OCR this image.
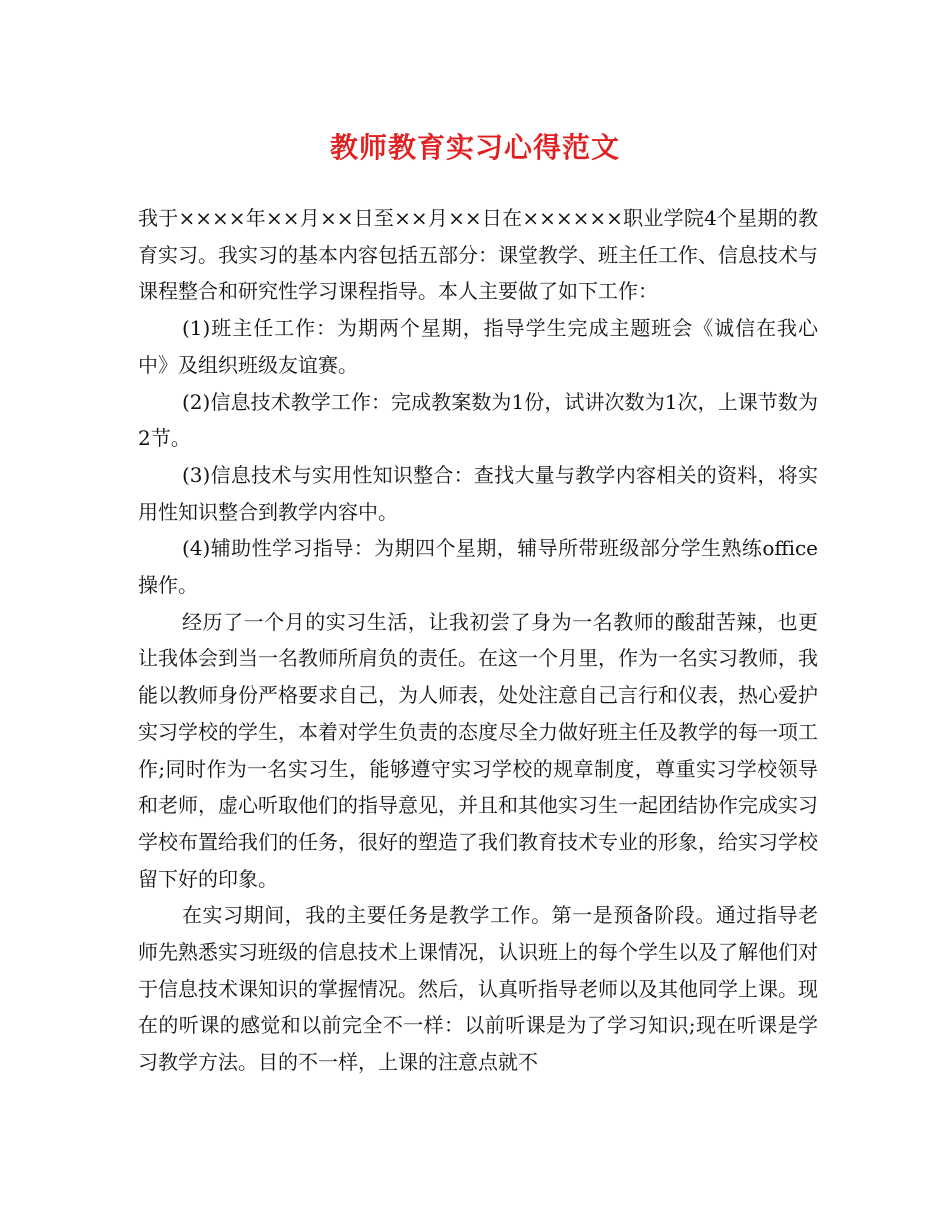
教师教育实习心得范文

我于××××年××月××日至××月××日在××××××职业学院4个星期的教育实习。我实习的基本内容包括五部分：课堂教学、班主任工作、信息技术与课程整合和研究性学习课程指导。本人主要做了如下工作：

(1)班主任工作：为期两个星期，指导学生完成主题班会《诚信在我心中》及组织班级友谊赛。

(2)信息技术教学工作：完成教案数为1份，试讲次数为1次，上课节数为2节。

(3)信息技术与实用性知识整合：查找大量与教学内容相关的资料，将实用性知识整合到教学内容中。

(4)辅助性学习指导：为期四个星期，辅导所带班级部分学生熟练office操作。

经历了一个月的实习生活，让我初尝了身为一名教师的酸甜苦辣，也更让我体会到当一名教师所肩负的责任。在这一个月里，作为一名实习教师，我能以教师身份严格要求自己，为人师表，处处注意自己言行和仪表，热心爱护实习学校的学生，本着对学生负责的态度尽全力做好班主任及教学的每一项工作;同时作为一名实习生，能够遵守实习学校的规章制度，尊重实习学校领导和老师，虚心听取他们的指导意见，并且和其他实习生一起团结协作完成实习学校布置给我们的任务，很好的塑造了我们教育技术专业的形象，给实习学校留下好的印象。

在实习期间，我的主要任务是教学工作。第一是预备阶段。通过指导老师先熟悉实习班级的信息技术上课情况，认识班上的每个学生以及了解他们对于信息技术课知识的掌握情况。然后，认真听指导老师以及其他同学上课。现在的听课的感觉和以前完全不一样：以前听课是为了学习知识;现在听课是学习教学方法。目的不一样，上课的注意点就不
